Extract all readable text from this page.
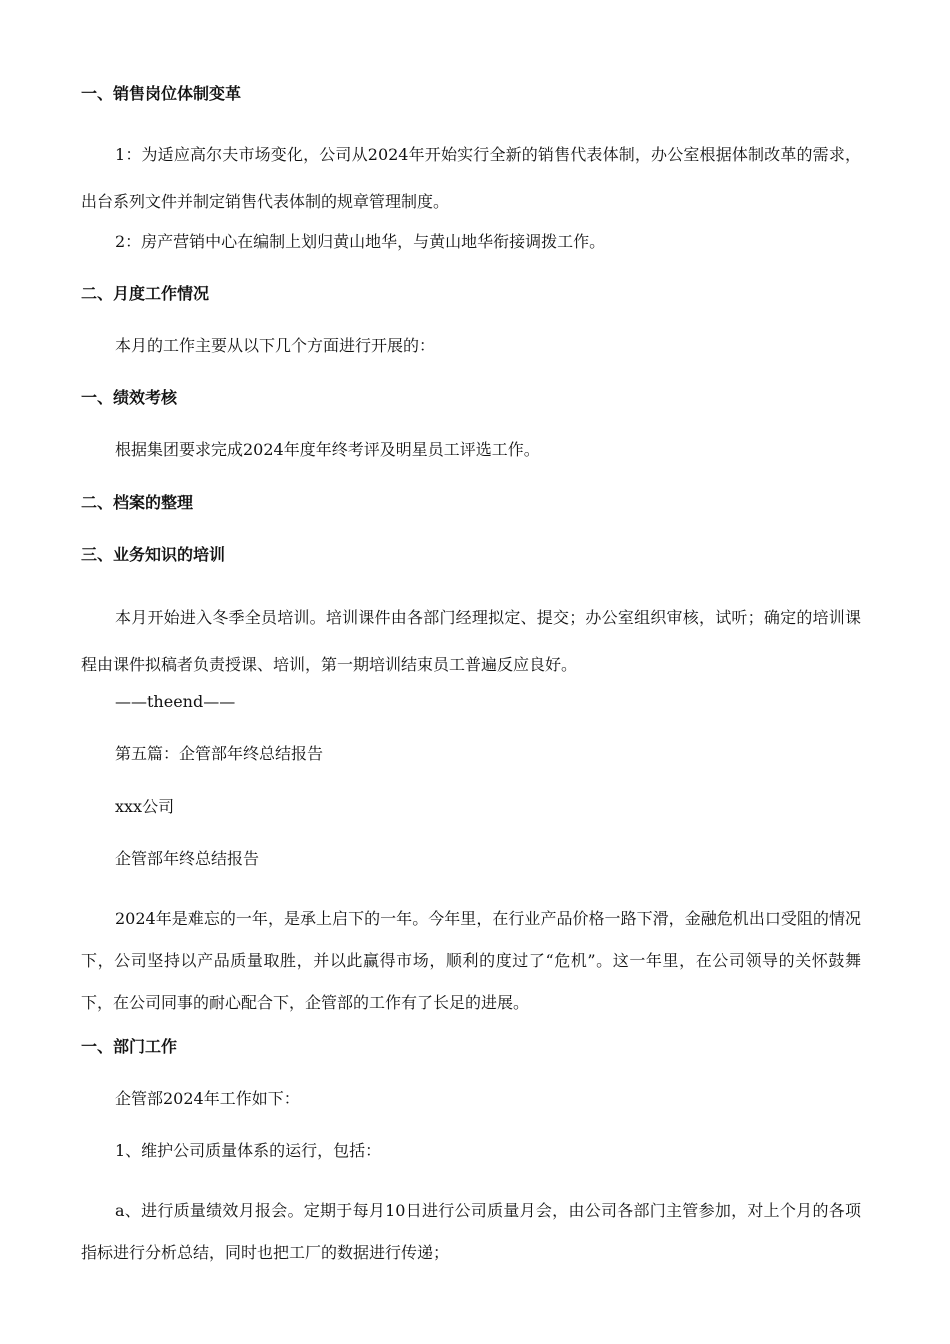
一、销售岗位体制变革
1：为适应高尔夫市场变化，公司从2024年开始实行全新的销售代表体制，办公室根据体制改革的需求，出台系列文件并制定销售代表体制的规章管理制度。
2：房产营销中心在编制上划归黄山地华，与黄山地华衔接调拨工作。
二、月度工作情况
本月的工作主要从以下几个方面进行开展的：
一、绩效考核
根据集团要求完成2024年度年终考评及明星员工评选工作。
二、档案的整理
三、业务知识的培训
本月开始进入冬季全员培训。培训课件由各部门经理拟定、提交；办公室组织审核，试听；确定的培训课程由课件拟稿者负责授课、培训，第一期培训结束员工普遍反应良好。
——theend——
第五篇：企管部年终总结报告
xxx公司
企管部年终总结报告
2024年是难忘的一年，是承上启下的一年。今年里，在行业产品价格一路下滑，金融危机出口受阻的情况下，公司坚持以产品质量取胜，并以此赢得市场，顺利的度过了“危机”。这一年里，在公司领导的关怀鼓舞下，在公司同事的耐心配合下，企管部的工作有了长足的进展。
一、部门工作
企管部2024年工作如下：
1、维护公司质量体系的运行，包括：
a、进行质量绩效月报会。定期于每月10日进行公司质量月会，由公司各部门主管参加，对上个月的各项指标进行分析总结，同时也把工厂的数据进行传递；
